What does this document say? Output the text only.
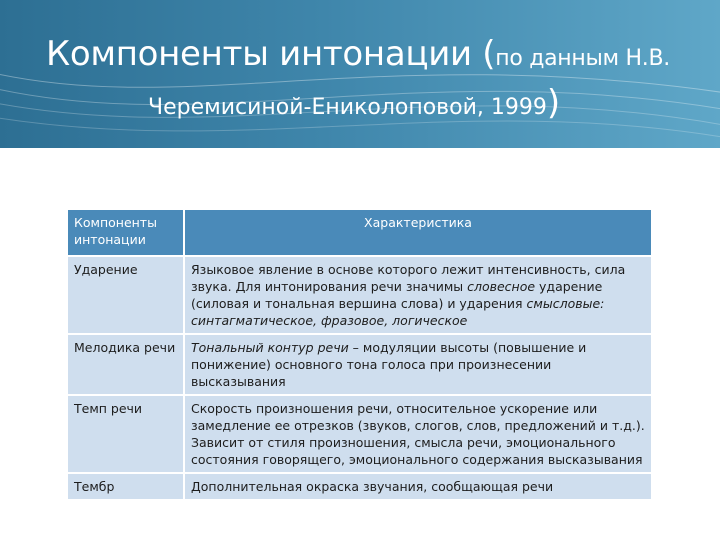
Компоненты интонации (по данным Н.В.
Черемисиной-Ениколоповой, 1999)
Компоненты интонации	Характеристика
Ударение	Языковое явление в основе которого лежит интенсивность, сила звука. Для интонирования речи значимы словесное ударение (силовая и тональная вершина слова) и ударения смысловые: синтагматическое, фразовое, логическое
Мелодика речи	Тональный контур речи – модуляции высоты (повышение и понижение) основного тона голоса при произнесении высказывания
Темп речи	Скорость произношения речи, относительное ускорение или замедление ее отрезков (звуков, слогов, слов, предложений и т.д.). Зависит от стиля произношения, смысла речи, эмоционального состояния говорящего, эмоционального содержания высказывания
Тембр	Дополнительная окраска звучания, сообщающая речи
